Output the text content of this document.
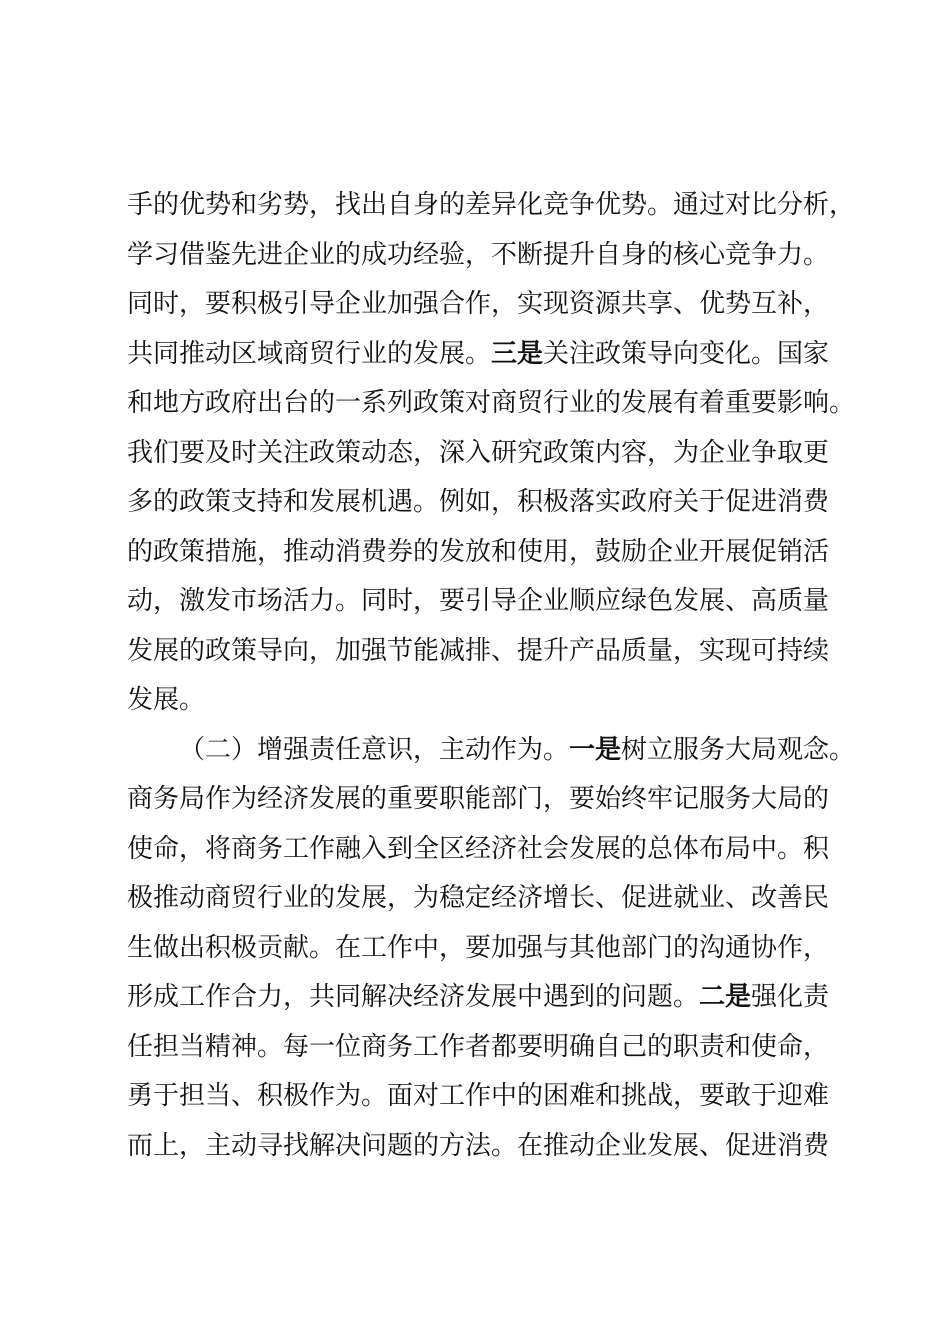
手的优势和劣势，找出自身的差异化竞争优势。通过对比分析，
学习借鉴先进企业的成功经验，不断提升自身的核心竞争力。
同时，要积极引导企业加强合作，实现资源共享、优势互补，
共同推动区域商贸行业的发展。三是关注政策导向变化。国家
和地方政府出台的一系列政策对商贸行业的发展有着重要影响。
我们要及时关注政策动态，深入研究政策内容，为企业争取更
多的政策支持和发展机遇。例如，积极落实政府关于促进消费
的政策措施，推动消费券的发放和使用，鼓励企业开展促销活
动，激发市场活力。同时，要引导企业顺应绿色发展、高质量
发展的政策导向，加强节能减排、提升产品质量，实现可持续
发展。
（二）增强责任意识，主动作为。一是树立服务大局观念。
商务局作为经济发展的重要职能部门，要始终牢记服务大局的
使命，将商务工作融入到全区经济社会发展的总体布局中。积
极推动商贸行业的发展，为稳定经济增长、促进就业、改善民
生做出积极贡献。在工作中，要加强与其他部门的沟通协作，
形成工作合力，共同解决经济发展中遇到的问题。二是强化责
任担当精神。每一位商务工作者都要明确自己的职责和使命，
勇于担当、积极作为。面对工作中的困难和挑战，要敢于迎难
而上，主动寻找解决问题的方法。在推动企业发展、促进消费
